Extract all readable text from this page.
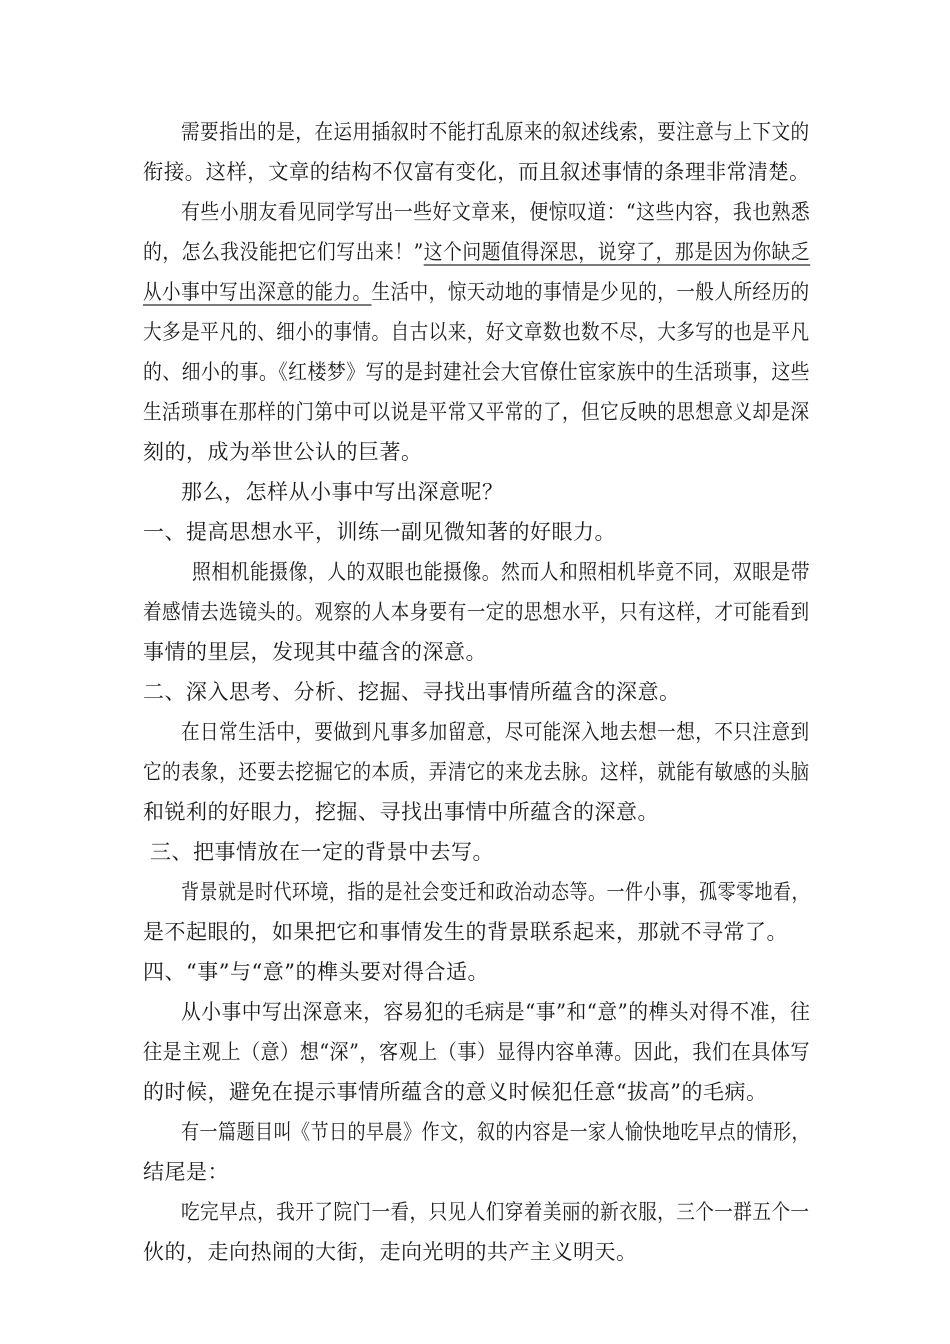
需要指出的是，在运用插叙时不能打乱原来的叙述线索，要注意与上下文的
衔接。这样，文章的结构不仅富有变化，而且叙述事情的条理非常清楚。
有些小朋友看见同学写出一些好文章来，便惊叹道：“这些内容，我也熟悉
的，怎么我没能把它们写出来！”这个问题值得深思，说穿了，那是因为你缺乏
从小事中写出深意的能力。生活中，惊天动地的事情是少见的，一般人所经历的
大多是平凡的、细小的事情。自古以来，好文章数也数不尽，大多写的也是平凡
的、细小的事。《红楼梦》写的是封建社会大官僚仕宦家族中的生活琐事，这些
生活琐事在那样的门第中可以说是平常又平常的了，但它反映的思想意义却是深
刻的，成为举世公认的巨著。
那么，怎样从小事中写出深意呢？
一、提高思想水平，训练一副见微知著的好眼力。
照相机能摄像，人的双眼也能摄像。然而人和照相机毕竟不同，双眼是带
着感情去选镜头的。观察的人本身要有一定的思想水平，只有这样，才可能看到
事情的里层，发现其中蕴含的深意。
二、深入思考、分析、挖掘、寻找出事情所蕴含的深意。
在日常生活中，要做到凡事多加留意，尽可能深入地去想一想，不只注意到
它的表象，还要去挖掘它的本质，弄清它的来龙去脉。这样，就能有敏感的头脑
和锐利的好眼力，挖掘、寻找出事情中所蕴含的深意。
三、把事情放在一定的背景中去写。
背景就是时代环境，指的是社会变迁和政治动态等。一件小事，孤零零地看，
是不起眼的，如果把它和事情发生的背景联系起来，那就不寻常了。
四、“事”与“意”的榫头要对得合适。
从小事中写出深意来，容易犯的毛病是“事”和“意”的榫头对得不准，往
往是主观上（意）想“深”，客观上（事）显得内容单薄。因此，我们在具体写
的时候，避免在提示事情所蕴含的意义时候犯任意“拔高”的毛病。
有一篇题目叫《节日的早晨》作文，叙的内容是一家人愉快地吃早点的情形，
结尾是：
吃完早点，我开了院门一看，只见人们穿着美丽的新衣服，三个一群五个一
伙的，走向热闹的大街，走向光明的共产主义明天。
